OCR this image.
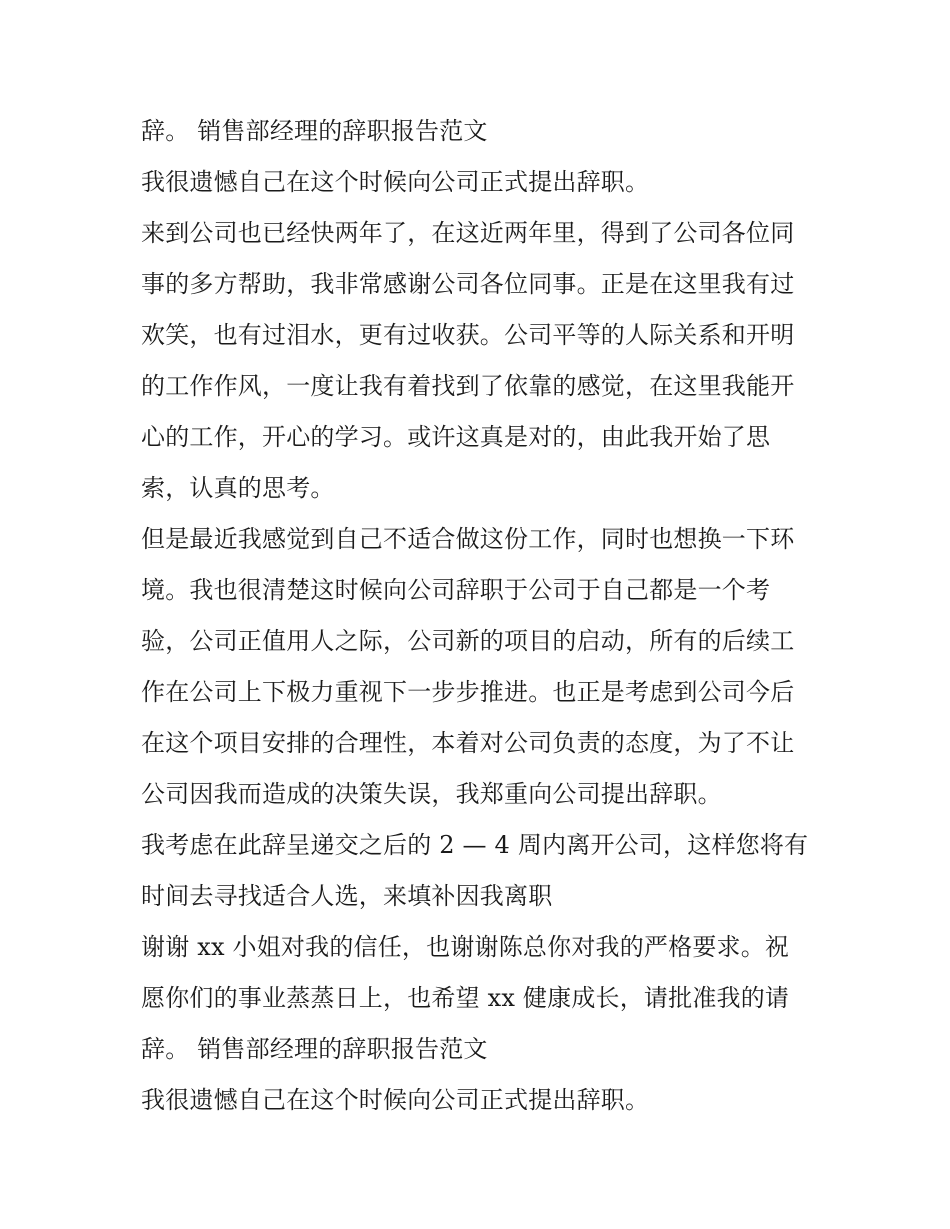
辞。 销售部经理的辞职报告范文
我很遗憾自己在这个时候向公司正式提出辞职。
来到公司也已经快两年了，在这近两年里，得到了公司各位同
事的多方帮助，我非常感谢公司各位同事。正是在这里我有过
欢笑，也有过泪水，更有过收获。公司平等的人际关系和开明
的工作作风，一度让我有着找到了依靠的感觉，在这里我能开
心的工作，开心的学习。或许这真是对的，由此我开始了思
索，认真的思考。
但是最近我感觉到自己不适合做这份工作，同时也想换一下环
境。我也很清楚这时候向公司辞职于公司于自己都是一个考
验，公司正值用人之际，公司新的项目的启动，所有的后续工
作在公司上下极力重视下一步步推进。也正是考虑到公司今后
在这个项目安排的合理性，本着对公司负责的态度，为了不让
公司因我而造成的决策失误，我郑重向公司提出辞职。
我考虑在此辞呈递交之后的 2 — 4 周内离开公司，这样您将有
时间去寻找适合人选，来填补因我离职
谢谢 xx 小姐对我的信任，也谢谢陈总你对我的严格要求。祝
愿你们的事业蒸蒸日上，也希望 xx 健康成长，请批准我的请
辞。 销售部经理的辞职报告范文
我很遗憾自己在这个时候向公司正式提出辞职。
